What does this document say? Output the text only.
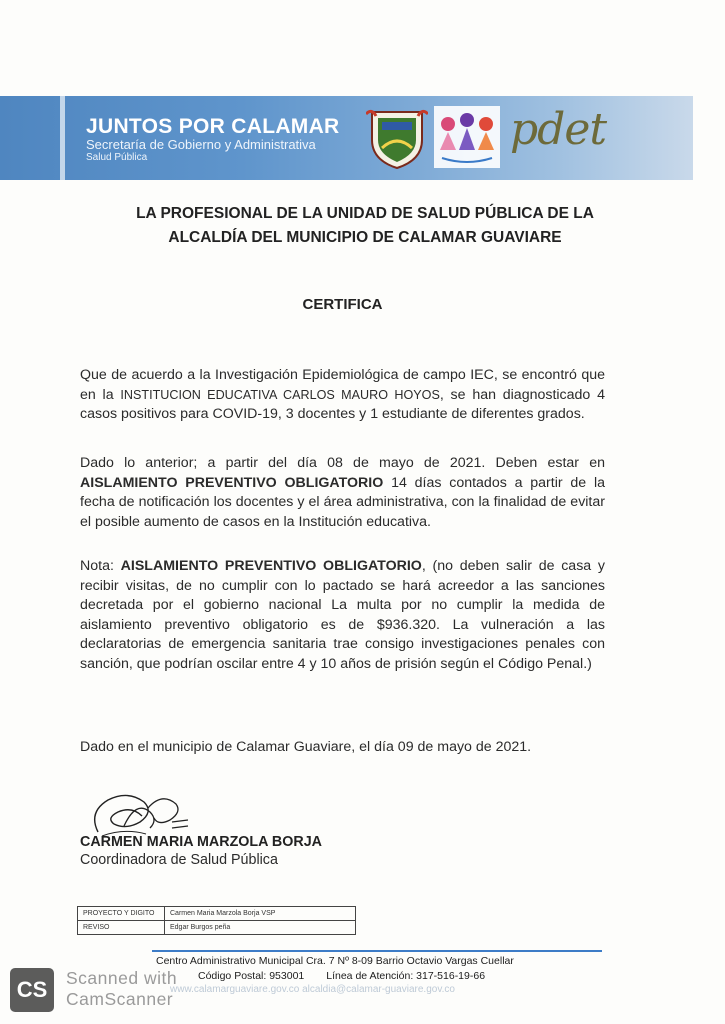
JUNTOS POR CALAMAR
Secretaría de Gobierno y Administrativa
Salud Pública
pdet
LA PROFESIONAL DE LA UNIDAD DE SALUD PÚBLICA DE LA
ALCALDÍA DEL MUNICIPIO DE CALAMAR GUAVIARE
CERTIFICA
Que de acuerdo a la Investigación Epidemiológica de campo IEC, se encontró que en la INSTITUCION EDUCATIVA CARLOS MAURO HOYOS, se han diagnosticado 4 casos positivos para COVID-19, 3 docentes y 1 estudiante de diferentes grados.
Dado lo anterior; a partir del día 08 de mayo de 2021. Deben estar en AISLAMIENTO PREVENTIVO OBLIGATORIO 14 días contados a partir de la fecha de notificación los docentes y el área administrativa, con la finalidad de evitar el posible aumento de casos en la Institución educativa.
Nota: AISLAMIENTO PREVENTIVO OBLIGATORIO, (no deben salir de casa y recibir visitas, de no cumplir con lo pactado se hará acreedor a las sanciones decretada por el gobierno nacional La multa por no cumplir la medida de aislamiento preventivo obligatorio es de $936.320. La vulneración a las declaratorias de emergencia sanitaria trae consigo investigaciones penales con sanción, que podrían oscilar entre 4 y 10 años de prisión según el Código Penal.)
Dado en el municipio de Calamar Guaviare, el día 09 de mayo de 2021.
CARMEN MARIA MARZOLA BORJA
Coordinadora de Salud Pública
PROYECTO Y DIGITO	Carmen Maria Marzola Borja VSP
REVISO	Edgar Burgos peña
Centro Administrativo Municipal Cra. 7 Nº 8-09 Barrio Octavio Vargas Cuellar
Código Postal: 953001 Línea de Atención: 317-516-19-66
www.calamarguaviare.gov.co alcaldia@calamar-guaviare.gov.co
CS	Scanned with
CamScanner
